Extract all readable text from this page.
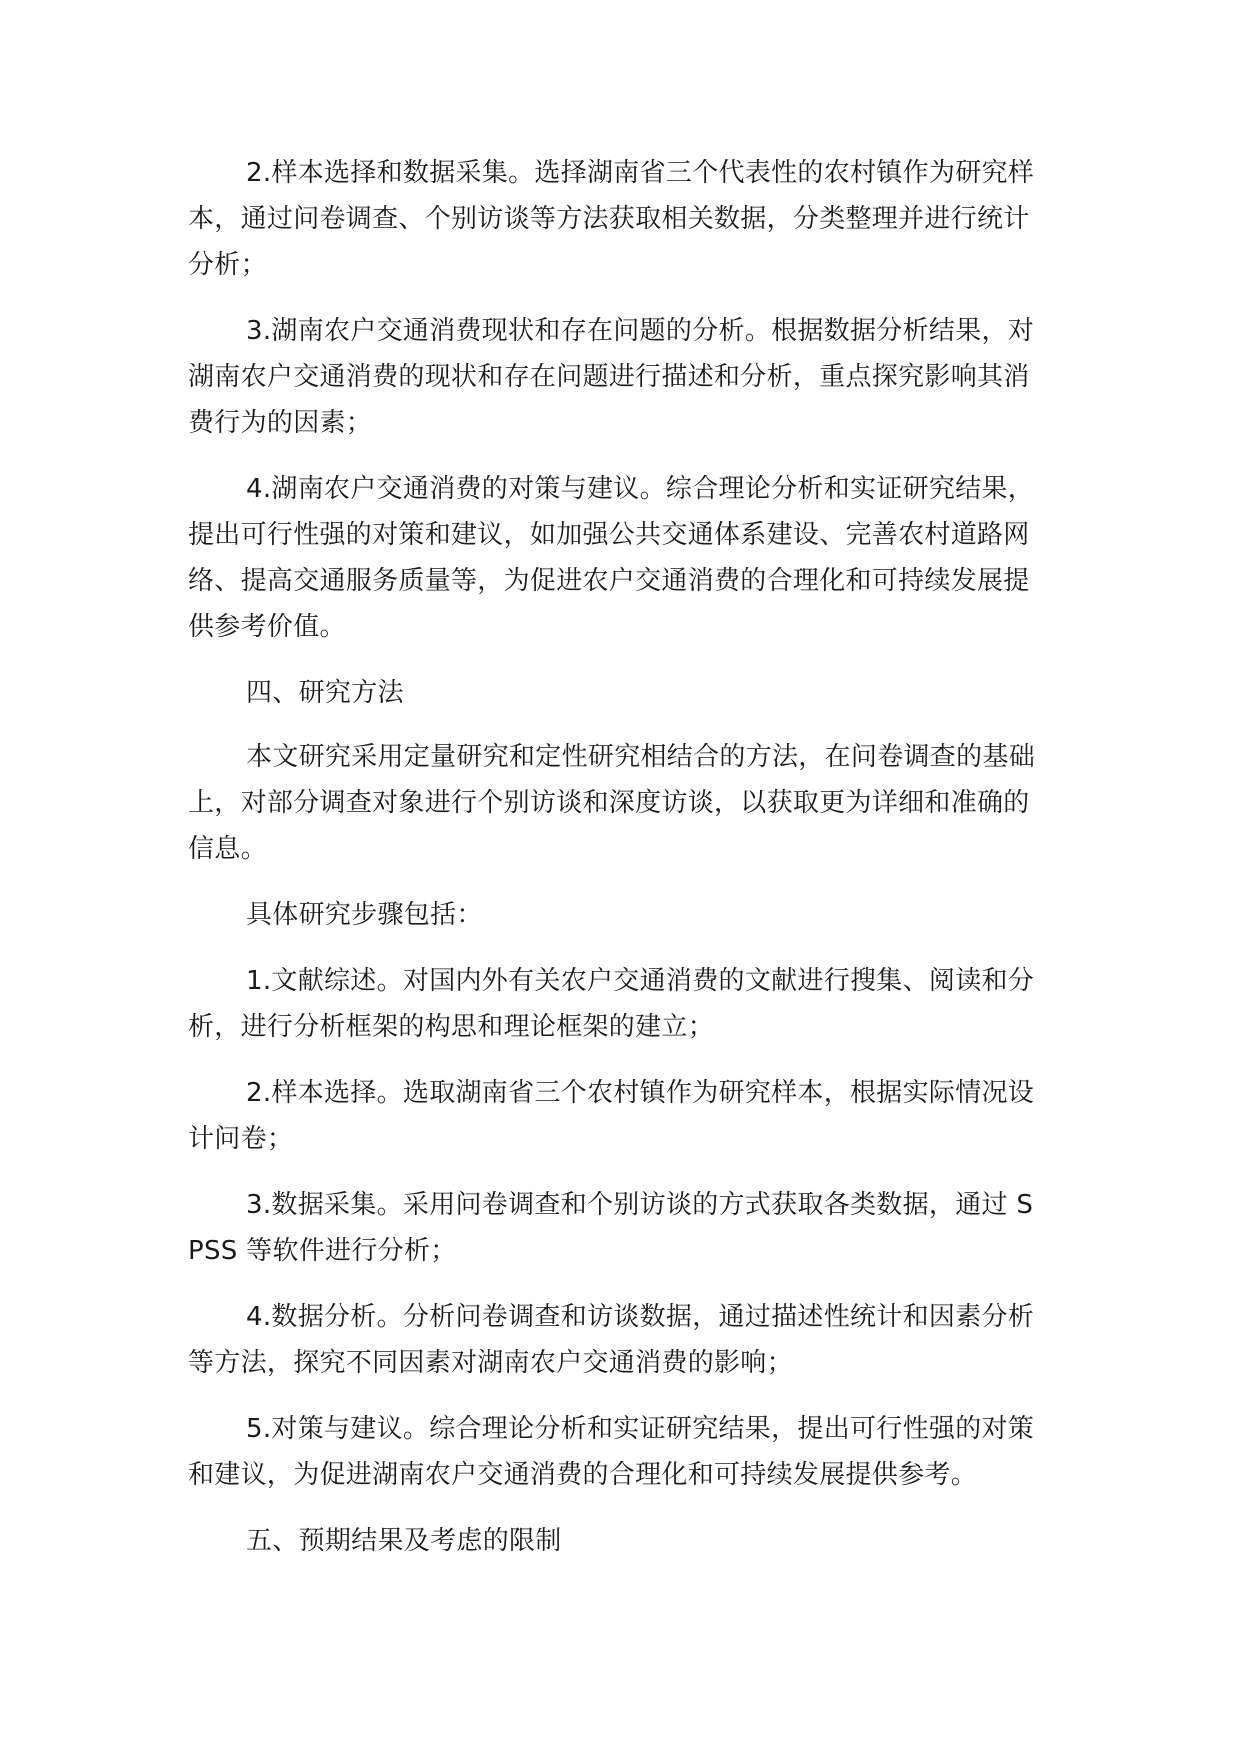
2.样本选择和数据采集。选择湖南省三个代表性的农村镇作为研究样本，通过问卷调查、个别访谈等方法获取相关数据，分类整理并进行统计分析；

3.湖南农户交通消费现状和存在问题的分析。根据数据分析结果，对湖南农户交通消费的现状和存在问题进行描述和分析，重点探究影响其消费行为的因素；

4.湖南农户交通消费的对策与建议。综合理论分析和实证研究结果，提出可行性强的对策和建议，如加强公共交通体系建设、完善农村道路网络、提高交通服务质量等，为促进农户交通消费的合理化和可持续发展提供参考价值。

四、研究方法

本文研究采用定量研究和定性研究相结合的方法，在问卷调查的基础上，对部分调查对象进行个别访谈和深度访谈，以获取更为详细和准确的信息。

具体研究步骤包括：

1.文献综述。对国内外有关农户交通消费的文献进行搜集、阅读和分析，进行分析框架的构思和理论框架的建立；

2.样本选择。选取湖南省三个农村镇作为研究样本，根据实际情况设计问卷；

3.数据采集。采用问卷调查和个别访谈的方式获取各类数据，通过 SPSS 等软件进行分析；

4.数据分析。分析问卷调查和访谈数据，通过描述性统计和因素分析等方法，探究不同因素对湖南农户交通消费的影响；

5.对策与建议。综合理论分析和实证研究结果，提出可行性强的对策和建议，为促进湖南农户交通消费的合理化和可持续发展提供参考。

五、预期结果及考虑的限制
